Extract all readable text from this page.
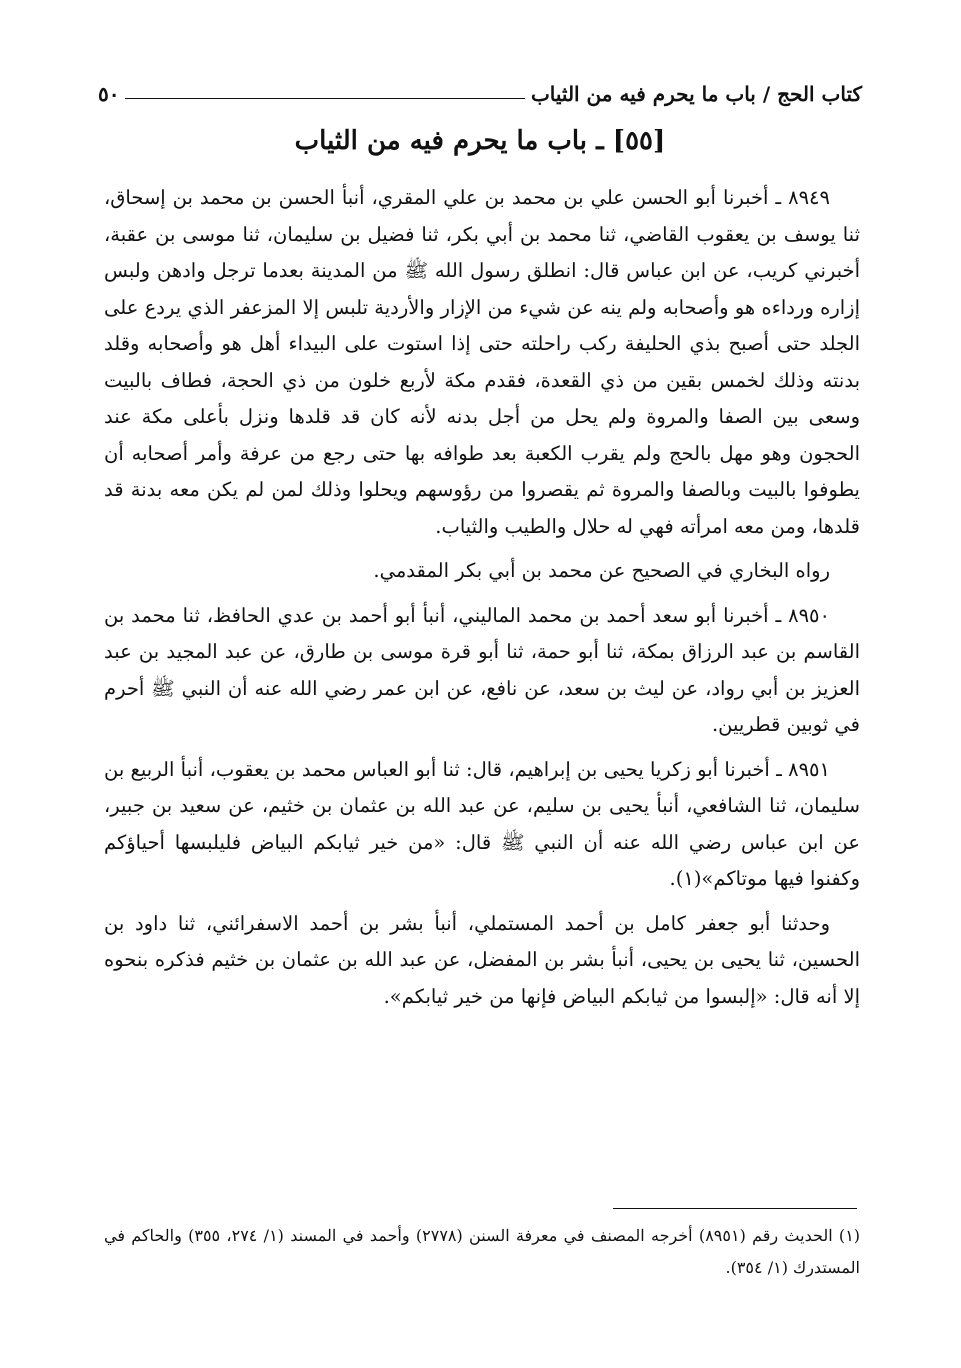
كتاب الحج / باب ما يحرم فيه من الثياب
٥٠
[٥٥] ـ باب ما يحرم فيه من الثياب

٨٩٤٩ ـ أخبرنا أبو الحسن علي بن محمد بن علي المقري، أنبأ الحسن بن محمد بن إسحاق، ثنا يوسف بن يعقوب القاضي، ثنا محمد بن أبي بكر، ثنا فضيل بن سليمان، ثنا موسى بن عقبة، أخبرني كريب، عن ابن عباس قال: انطلق رسول الله ﷺ من المدينة بعدما ترجل وادهن ولبس إزاره ورداءه هو وأصحابه ولم ينه عن شيء من الإزار والأردية تلبس إلا المزعفر الذي يردع على الجلد حتى أصبح بذي الحليفة ركب راحلته حتى إذا استوت على البيداء أهل هو وأصحابه وقلد بدنته وذلك لخمس بقين من ذي القعدة، فقدم مكة لأربع خلون من ذي الحجة، فطاف بالبيت وسعى بين الصفا والمروة ولم يحل من أجل بدنه لأنه كان قد قلدها ونزل بأعلى مكة عند الحجون وهو مهل بالحج ولم يقرب الكعبة بعد طوافه بها حتى رجع من عرفة وأمر أصحابه أن يطوفوا بالبيت وبالصفا والمروة ثم يقصروا من رؤوسهم ويحلوا وذلك لمن لم يكن معه بدنة قد قلدها، ومن معه امرأته فهي له حلال والطيب والثياب.

رواه البخاري في الصحيح عن محمد بن أبي بكر المقدمي.

٨٩٥٠ ـ أخبرنا أبو سعد أحمد بن محمد الماليني، أنبأ أبو أحمد بن عدي الحافظ، ثنا محمد بن القاسم بن عبد الرزاق بمكة، ثنا أبو حمة، ثنا أبو قرة موسى بن طارق، عن عبد المجيد بن عبد العزيز بن أبي رواد، عن ليث بن سعد، عن نافع، عن ابن عمر رضي الله عنه أن النبي ﷺ أحرم في ثوبين قطريين.

٨٩٥١ ـ أخبرنا أبو زكريا يحيى بن إبراهيم، قال: ثنا أبو العباس محمد بن يعقوب، أنبأ الربيع بن سليمان، ثنا الشافعي، أنبأ يحيى بن سليم، عن عبد الله بن عثمان بن خثيم، عن سعيد بن جبير، عن ابن عباس رضي الله عنه أن النبي ﷺ قال: «من خير ثيابكم البياض فليلبسها أحياؤكم وكفنوا فيها موتاكم»(١).

وحدثنا أبو جعفر كامل بن أحمد المستملي، أنبأ بشر بن أحمد الاسفرائني، ثنا داود بن الحسين، ثنا يحيى بن يحيى، أنبأ بشر بن المفضل، عن عبد الله بن عثمان بن خثيم فذكره بنحوه إلا أنه قال: «إلبسوا من ثيابكم البياض فإنها من خير ثيابكم».

(١) الحديث رقم (٨٩٥١) أخرجه المصنف في معرفة السنن (٢٧٧٨) وأحمد في المسند (١/ ٢٧٤، ٣٥٥) والحاكم في المستدرك (١/ ٣٥٤).
